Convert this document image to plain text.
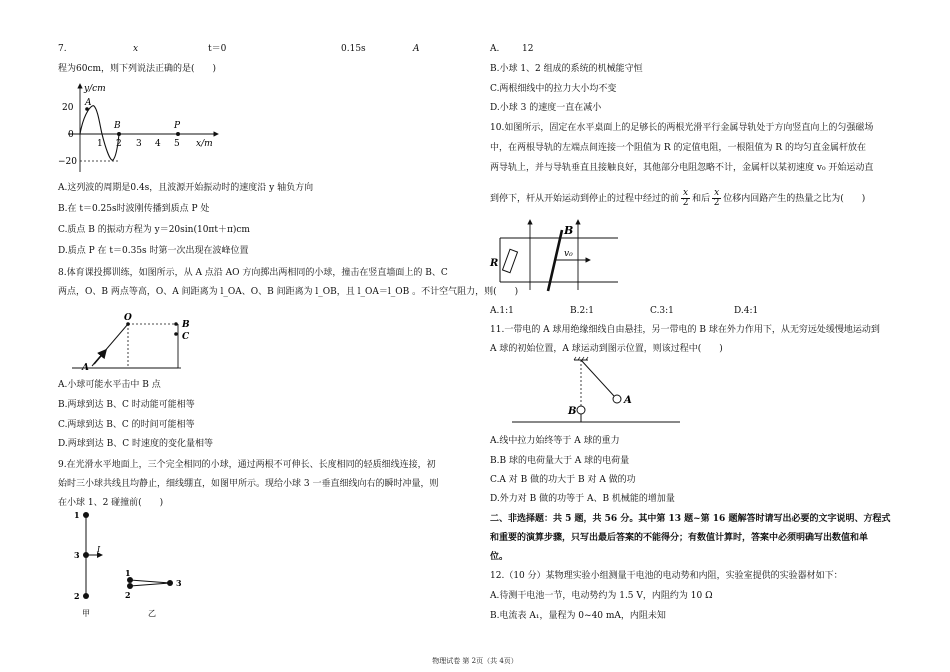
7.	x	t＝0	0.15s	A
程为60cm，则下列说法正确的是(　　)
y/cm
x/m
20
0
−20
1 2 3 4 5
A
B	P
A.这列波的周期是0.4s，且波源开始振动时的速度沿 y 轴负方向
B.在 t＝0.25s时波刚传播到质点 P 处
C.质点 B 的振动方程为 y＝20sin(10πt＋π)cm
D.质点 P 在 t＝0.35s 时第一次出现在波峰位置
8.体育课投掷训练，如图所示，从 A 点沿 AO 方向掷出两相同的小球，撞击在竖直墙面上的 B、C
两点，O、B 两点等高，O、A 间距离为 l_OA、O、B 间距离为 l_OB，且 l_OA＝l_OB 。不计空气阻力，则(　　)
O
A
B
C
A.小球可能水平击中 B 点
B.两球到达 B、C 时动能可能相等
C.两球到达 B、C 的时间可能相等
D.两球到达 B、C 时速度的变化量相等
9.在光滑水平地面上，三个完全相同的小球，通过两根不可伸长、长度相同的轻质细线连接，初
始时三小球共线且均静止，细线绷直，如图甲所示。现给小球 3 一垂直细线向右的瞬时冲量，则
在小球 1、2 碰撞前(　　)
1
3
2
I
甲
1
2
3
乙
A.	12
B.小球 1、2 组成的系统的机械能守恒
C.两根细线中的拉力大小均不变
D.小球 3 的速度一直在减小
10.如图所示，固定在水平桌面上的足够长的两根光滑平行金属导轨处于方向竖直向上的匀强磁场
中，在两根导轨的左端点间连接一个阻值为 R 的定值电阻，一根阻值为 R 的均匀直金属杆放在
两导轨上，并与导轨垂直且接触良好，其他部分电阻忽略不计，金属杆以某初速度 v₀ 开始运动直
到停下，杆从开始运动到停止的过程中经过的前 $\frac{x}{2}$ 和后 $\frac{x}{2}$ 位移内回路产生的热量之比为(　　)
R
B
v₀
A.1:1	B.2:1	C.3:1	D.4:1
11.一带电的 A 球用绝缘细线自由悬挂，另一带电的 B 球在外力作用下，从无穷远处缓慢地运动到
A 球的初始位置，A 球运动到图示位置，则该过程中(　　)
A
B
A.线中拉力始终等于 A 球的重力
B.B 球的电荷量大于 A 球的电荷量
C.A 对 B 做的功大于 B 对 A 做的功
D.外力对 B 做的功等于 A、B 机械能的增加量
二、非选择题：共 5 题，共 56 分。其中第 13 题~第 16 题解答时请写出必要的文字说明、方程式
和重要的演算步骤，只写出最后答案的不能得分；有数值计算时，答案中必须明确写出数值和单
位。
12.（10 分）某物理实验小组测量干电池的电动势和内阻，实验室提供的实验器材如下：
A.待测干电池一节，电动势约为 1.5 V，内阻约为 10 Ω
B.电流表 A₁，量程为 0~40 mA，内阻未知
物理试卷 第 2页（共 4页）
